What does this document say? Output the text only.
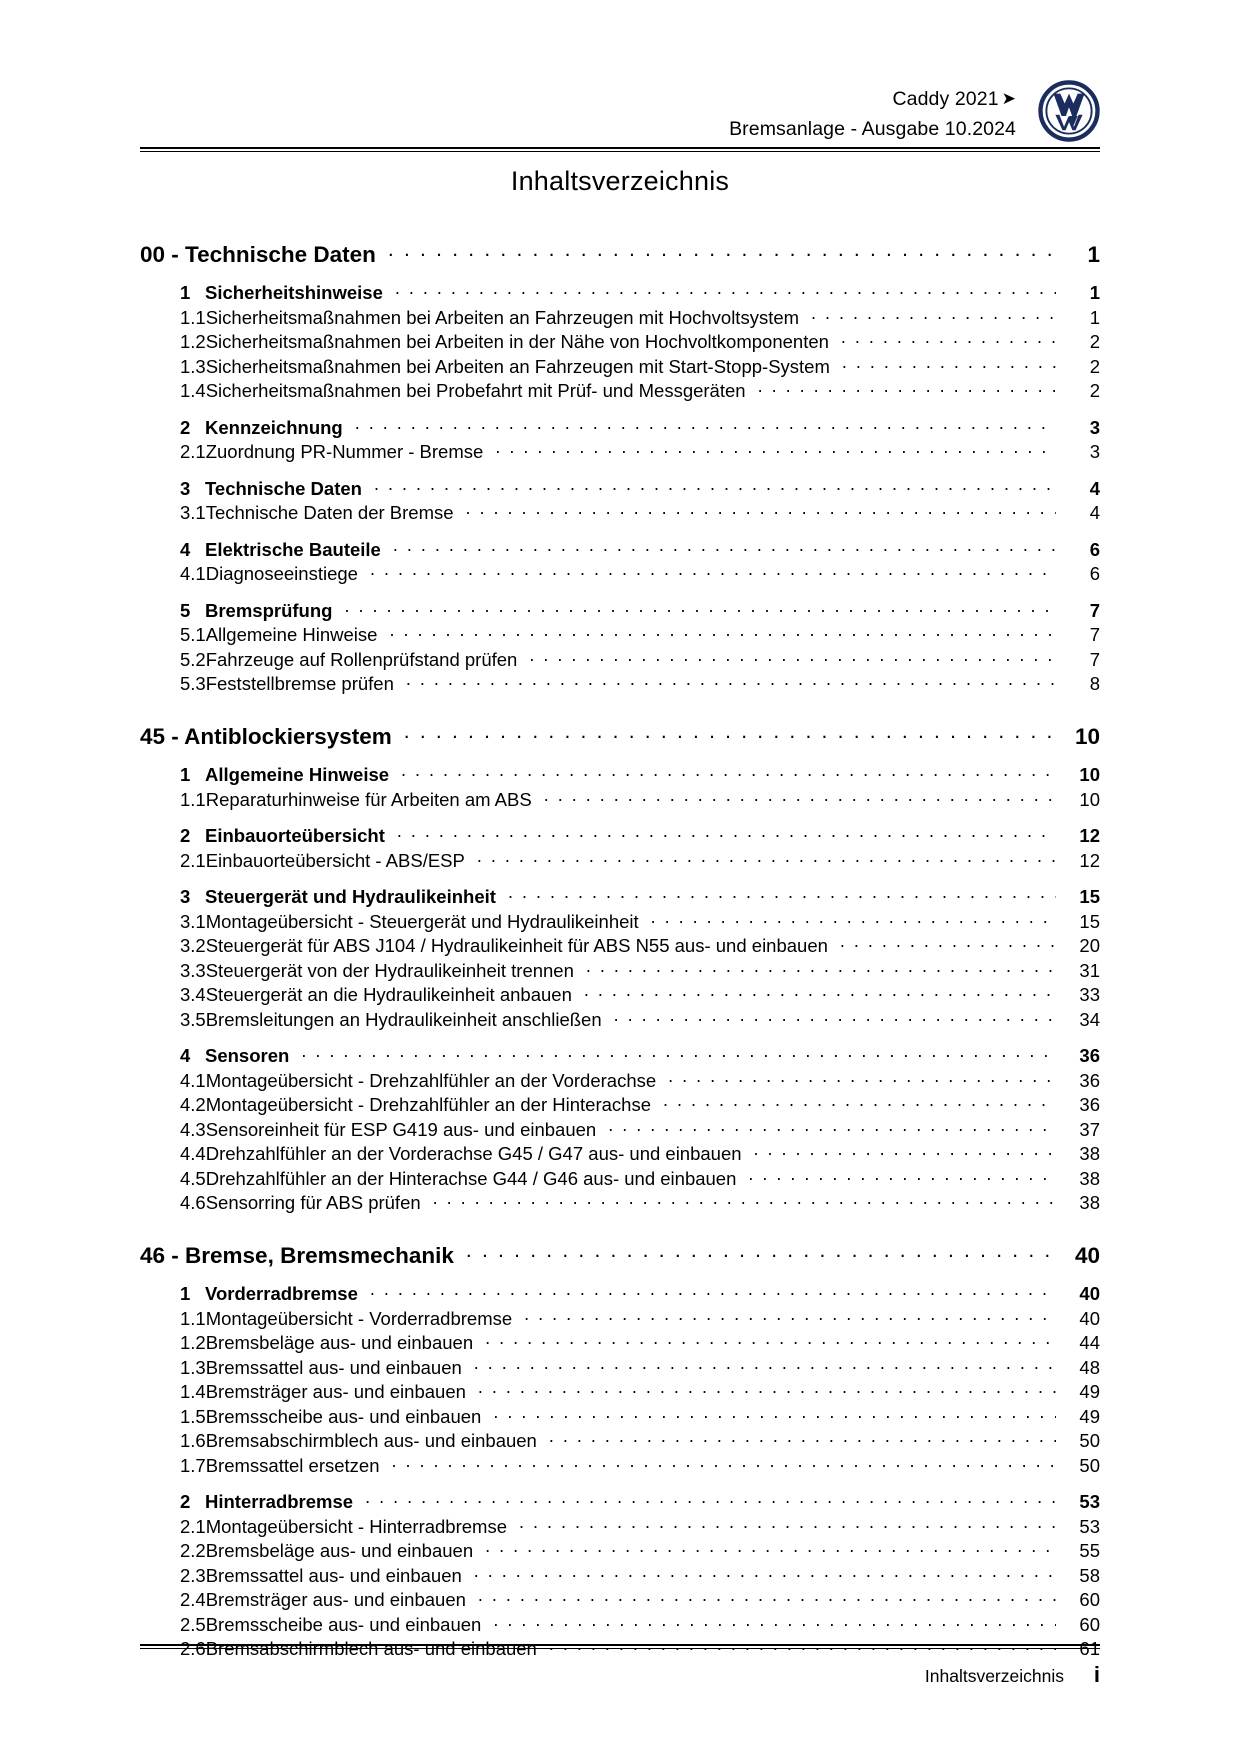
Caddy 2021 ➤
Bremsanlage - Ausgabe 10.2024
Inhaltsverzeichnis
00 - Technische Daten . . .	1
1 Sicherheitshinweise . . .	1
1.1 Sicherheitsmaßnahmen bei Arbeiten an Fahrzeugen mit Hochvoltsystem . . .	1
1.2 Sicherheitsmaßnahmen bei Arbeiten in der Nähe von Hochvoltkomponenten . . .	2
1.3 Sicherheitsmaßnahmen bei Arbeiten an Fahrzeugen mit Start-Stopp-System . . .	2
1.4 Sicherheitsmaßnahmen bei Probefahrt mit Prüf- und Messgeräten . . .	2
2 Kennzeichnung . . .	3
2.1 Zuordnung PR-Nummer - Bremse . . .	3
3 Technische Daten . . .	4
3.1 Technische Daten der Bremse . . .	4
4 Elektrische Bauteile . . .	6
4.1 Diagnoseeinstiege . . .	6
5 Bremsprüfung . . .	7
5.1 Allgemeine Hinweise . . .	7
5.2 Fahrzeuge auf Rollenprüfstand prüfen . . .	7
5.3 Feststellbremse prüfen . . .	8
45 - Antiblockiersystem . . .	10
1 Allgemeine Hinweise . . .	10
1.1 Reparaturhinweise für Arbeiten am ABS . . .	10
2 Einbauorteübersicht . . .	12
2.1 Einbauorteübersicht - ABS/ESP . . .	12
3 Steuergerät und Hydraulikeinheit . . .	15
3.1 Montageübersicht - Steuergerät und Hydraulikeinheit . . .	15
3.2 Steuergerät für ABS J104 / Hydraulikeinheit für ABS N55 aus- und einbauen . . .	20
3.3 Steuergerät von der Hydraulikeinheit trennen . . .	31
3.4 Steuergerät an die Hydraulikeinheit anbauen . . .	33
3.5 Bremsleitungen an Hydraulikeinheit anschließen . . .	34
4 Sensoren . . .	36
4.1 Montageübersicht - Drehzahlfühler an der Vorderachse . . .	36
4.2 Montageübersicht - Drehzahlfühler an der Hinterachse . . .	36
4.3 Sensoreinheit für ESP G419 aus- und einbauen . . .	37
4.4 Drehzahlfühler an der Vorderachse G45 / G47 aus- und einbauen . . .	38
4.5 Drehzahlfühler an der Hinterachse G44 / G46 aus- und einbauen . . .	38
4.6 Sensorring für ABS prüfen . . .	38
46 - Bremse, Bremsmechanik . . .	40
1 Vorderradbremse . . .	40
1.1 Montageübersicht - Vorderradbremse . . .	40
1.2 Bremsbeläge aus- und einbauen . . .	44
1.3 Bremssattel aus- und einbauen . . .	48
1.4 Bremsträger aus- und einbauen . . .	49
1.5 Bremsscheibe aus- und einbauen . . .	49
1.6 Bremsabschirmblech aus- und einbauen . . .	50
1.7 Bremssattel ersetzen . . .	50
2 Hinterradbremse . . .	53
2.1 Montageübersicht - Hinterradbremse . . .	53
2.2 Bremsbeläge aus- und einbauen . . .	55
2.3 Bremssattel aus- und einbauen . . .	58
2.4 Bremsträger aus- und einbauen . . .	60
2.5 Bremsscheibe aus- und einbauen . . .	60
2.6 Bremsabschirmblech aus- und einbauen . . .	61
Inhaltsverzeichnis i
